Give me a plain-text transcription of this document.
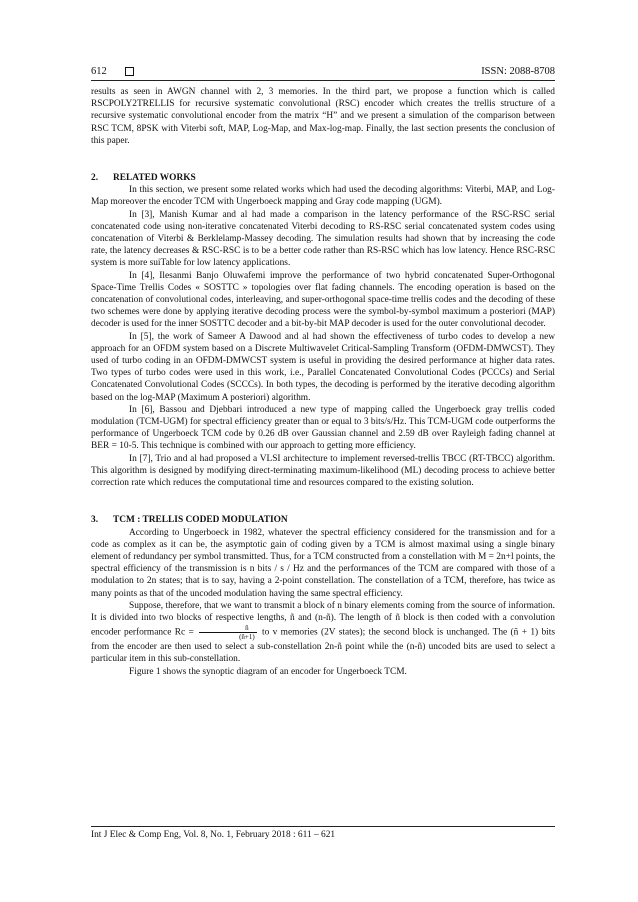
612	ISSN: 2088-8708

results as seen in AWGN channel with 2, 3 memories. In the third part, we propose a function which is called RSCPOLY2TRELLIS for recursive systematic convolutional (RSC) encoder which creates the trellis structure of a recursive systematic convolutional encoder from the matrix “H” and we present a simulation of the comparison between RSC TCM, 8PSK with Viterbi soft, MAP, Log-Map, and Max-log-map. Finally, the last section presents the conclusion of this paper.

2. RELATED WORKS

In this section, we present some related works which had used the decoding algorithms: Viterbi, MAP, and Log-Map moreover the encoder TCM with Ungerboeck mapping and Gray code mapping (UGM).

In [3], Manish Kumar and al had made a comparison in the latency performance of the RSC-RSC serial concatenated code using non-iterative concatenated Viterbi decoding to RS-RSC serial concatenated system codes using concatenation of Viterbi & Berklelamp-Massey decoding. The simulation results had shown that by increasing the code rate, the latency decreases & RSC-RSC is to be a better code rather than RS-RSC which has low latency. Hence RSC-RSC system is more suiTable for low latency applications.

In [4], Ilesanmi Banjo Oluwafemi improve the performance of two hybrid concatenated Super-Orthogonal Space-Time Trellis Codes « SOSTTC » topologies over flat fading channels. The encoding operation is based on the concatenation of convolutional codes, interleaving, and super-orthogonal space-time trellis codes and the decoding of these two schemes were done by applying iterative decoding process were the symbol-by-symbol maximum a posteriori (MAP) decoder is used for the inner SOSTTC decoder and a bit-by-bit MAP decoder is used for the outer convolutional decoder.

In [5], the work of Sameer A Dawood and al had shown the effectiveness of turbo codes to develop a new approach for an OFDM system based on a Discrete Multiwavelet Critical-Sampling Transform (OFDM-DMWCST). They used of turbo coding in an OFDM-DMWCST system is useful in providing the desired performance at higher data rates. Two types of turbo codes were used in this work, i.e., Parallel Concatenated Convolutional Codes (PCCCs) and Serial Concatenated Convolutional Codes (SCCCs). In both types, the decoding is performed by the iterative decoding algorithm based on the log-MAP (Maximum A posteriori) algorithm.

In [6], Bassou and Djebbari introduced a new type of mapping called the Ungerboeck gray trellis coded modulation (TCM-UGM) for spectral efficiency greater than or equal to 3 bits/s/Hz. This TCM-UGM code outperforms the performance of Ungerboeck TCM code by 0.26 dB over Gaussian channel and 2.59 dB over Rayleigh fading channel at BER = 10-5. This technique is combined with our approach to getting more efficiency.

In [7], Trio and al had proposed a VLSI architecture to implement reversed-trellis TBCC (RT-TBCC) algorithm. This algorithm is designed by modifying direct-terminating maximum-likelihood (ML) decoding process to achieve better correction rate which reduces the computational time and resources compared to the existing solution.

3. TCM : TRELLIS CODED MODULATION

According to Ungerboeck in 1982, whatever the spectral efficiency considered for the transmission and for a code as complex as it can be, the asymptotic gain of coding given by a TCM is almost maximal using a single binary element of redundancy per symbol transmitted. Thus, for a TCM constructed from a constellation with M = 2n+l points, the spectral efficiency of the transmission is n bits / s / Hz and the performances of the TCM are compared with those of a modulation to 2n states; that is to say, having a 2-point constellation. The constellation of a TCM, therefore, has twice as many points as that of the uncoded modulation having the same spectral efficiency.

Suppose, therefore, that we want to transmit a block of n binary elements coming from the source of information. It is divided into two blocks of respective lengths, ñ and (n-ñ). The length of ñ block is then coded with a convolution encoder performance $Rc = \frac{ñ}{(ñ+1)}$ to v memories (2V states); the second block is unchanged. The (ñ + 1) bits from the encoder are then used to select a sub-constellation 2n-ñ point while the (n-ñ) uncoded bits are used to select a particular item in this sub-constellation.

Figure 1 shows the synoptic diagram of an encoder for Ungerboeck TCM.

Int J Elec & Comp Eng, Vol. 8, No. 1, February 2018 : 611 – 621
